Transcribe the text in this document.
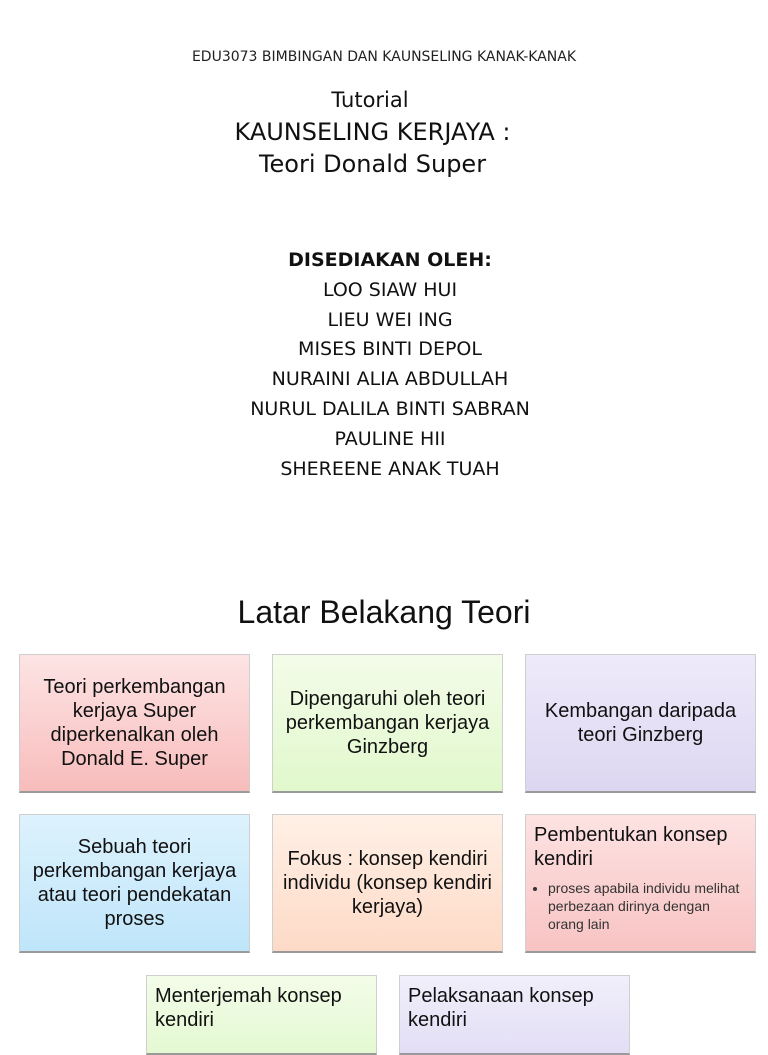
EDU3073 BIMBINGAN DAN KAUNSELING KANAK-KANAK
Tutorial
KAUNSELING KERJAYA :
Teori Donald Super
DISEDIAKAN OLEH:
LOO SIAW HUI
LIEU WEI ING
MISES BINTI DEPOL
NURAINI ALIA ABDULLAH
NURUL DALILA BINTI SABRAN
PAULINE HII
SHEREENE ANAK TUAH
Latar Belakang Teori
Teori perkembangan kerjaya Super diperkenalkan oleh Donald E. Super
Dipengaruhi oleh teori perkembangan kerjaya Ginzberg
Kembangan daripada teori Ginzberg
Sebuah teori perkembangan kerjaya atau teori pendekatan proses
Fokus : konsep kendiri individu (konsep kendiri kerjaya)
Pembentukan konsep kendiri
• proses apabila individu melihat perbezaan dirinya dengan orang lain
Menterjemah konsep kendiri
Pelaksanaan konsep kendiri
